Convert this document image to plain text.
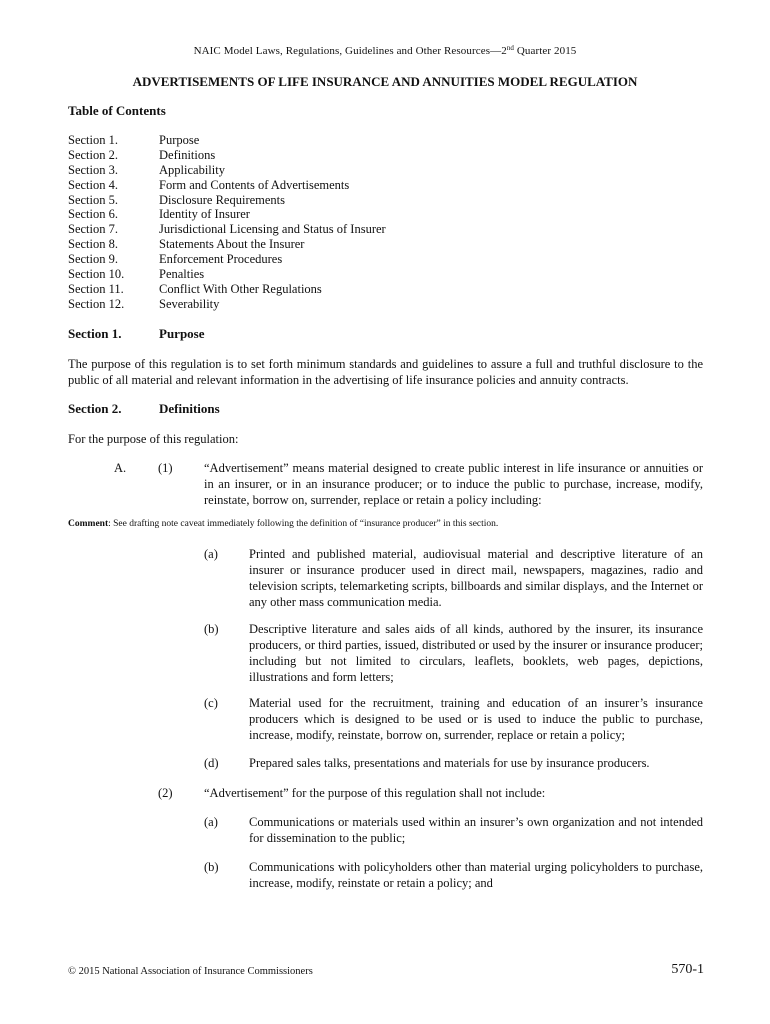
NAIC Model Laws, Regulations, Guidelines and Other Resources—2nd Quarter 2015
ADVERTISEMENTS OF LIFE INSURANCE AND ANNUITIES MODEL REGULATION
Table of Contents
Section 1.	Purpose
Section 2.	Definitions
Section 3.	Applicability
Section 4.	Form and Contents of Advertisements
Section 5.	Disclosure Requirements
Section 6.	Identity of Insurer
Section 7.	Jurisdictional Licensing and Status of Insurer
Section 8.	Statements About the Insurer
Section 9.	Enforcement Procedures
Section 10.	Penalties
Section 11.	Conflict With Other Regulations
Section 12.	Severability
Section 1.	Purpose
The purpose of this regulation is to set forth minimum standards and guidelines to assure a full and truthful disclosure to the public of all material and relevant information in the advertising of life insurance policies and annuity contracts.
Section 2.	Definitions
For the purpose of this regulation:
A.	(1)	“Advertisement” means material designed to create public interest in life insurance or annuities or in an insurer, or in an insurance producer; or to induce the public to purchase, increase, modify, reinstate, borrow on, surrender, replace or retain a policy including:
Comment: See drafting note caveat immediately following the definition of “insurance producer” in this section.
(a) Printed and published material, audiovisual material and descriptive literature of an insurer or insurance producer used in direct mail, newspapers, magazines, radio and television scripts, telemarketing scripts, billboards and similar displays, and the Internet or any other mass communication media.
(b) Descriptive literature and sales aids of all kinds, authored by the insurer, its insurance producers, or third parties, issued, distributed or used by the insurer or insurance producer; including but not limited to circulars, leaflets, booklets, web pages, depictions, illustrations and form letters;
(c) Material used for the recruitment, training and education of an insurer’s insurance producers which is designed to be used or is used to induce the public to purchase, increase, modify, reinstate, borrow on, surrender, replace or retain a policy;
(d) Prepared sales talks, presentations and materials for use by insurance producers.
(2)	“Advertisement” for the purpose of this regulation shall not include:
(a) Communications or materials used within an insurer’s own organization and not intended for dissemination to the public;
(b) Communications with policyholders other than material urging policyholders to purchase, increase, modify, reinstate or retain a policy; and
© 2015 National Association of Insurance Commissioners	570-1
